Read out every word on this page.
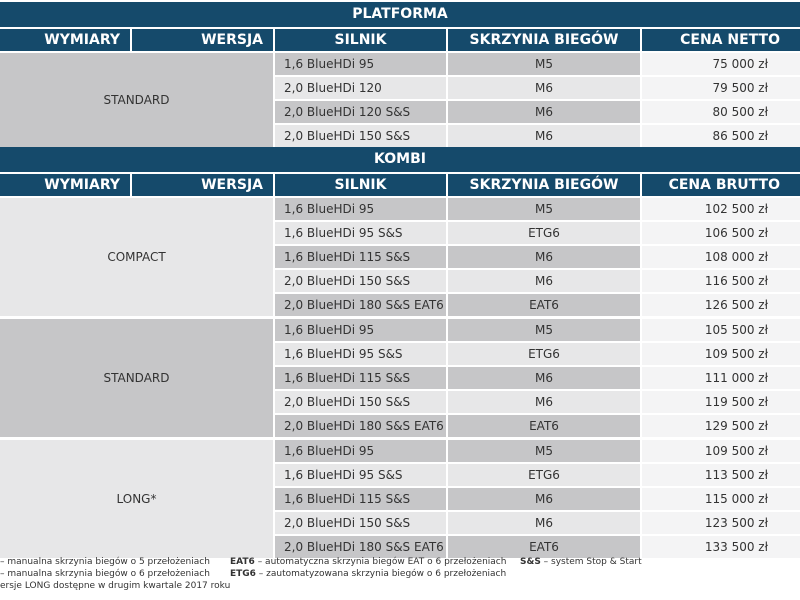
PLATFORMA
WYMIARY	WERSJA	SILNIK	SKRZYNIA BIEGÓW	CENA NETTO
STANDARD
1,6 BlueHDi 95	M5	75 000 zł
2,0 BlueHDi 120	M6	79 500 zł
2,0 BlueHDi 120 S&S	M6	80 500 zł
2,0 BlueHDi 150 S&S	M6	86 500 zł
KOMBI
WYMIARY	WERSJA	SILNIK	SKRZYNIA BIEGÓW	CENA BRUTTO
COMPACT
1,6 BlueHDi 95	M5	102 500 zł
1,6 BlueHDi 95 S&S	ETG6	106 500 zł
1,6 BlueHDi 115 S&S	M6	108 000 zł
2,0 BlueHDi 150 S&S	M6	116 500 zł
2,0 BlueHDi 180 S&S EAT6	EAT6	126 500 zł
STANDARD
1,6 BlueHDi 95	M5	105 500 zł
1,6 BlueHDi 95 S&S	ETG6	109 500 zł
1,6 BlueHDi 115 S&S	M6	111 000 zł
2,0 BlueHDi 150 S&S	M6	119 500 zł
2,0 BlueHDi 180 S&S EAT6	EAT6	129 500 zł
LONG*
1,6 BlueHDi 95	M5	109 500 zł
1,6 BlueHDi 95 S&S	ETG6	113 500 zł
1,6 BlueHDi 115 S&S	M6	115 000 zł
2,0 BlueHDi 150 S&S	M6	123 500 zł
2,0 BlueHDi 180 S&S EAT6	EAT6	133 500 zł
– manualna skrzynia biegów o 5 przełożeniach
– manualna skrzynia biegów o 6 przełożeniach
ersje LONG dostępne w drugim kwartale 2017 roku
EAT6 – automatyczna skrzynia biegów EAT o 6 przełożeniach
ETG6 – zautomatyzowana skrzynia biegów o 6 przełożeniach
S&S – system Stop & Start
